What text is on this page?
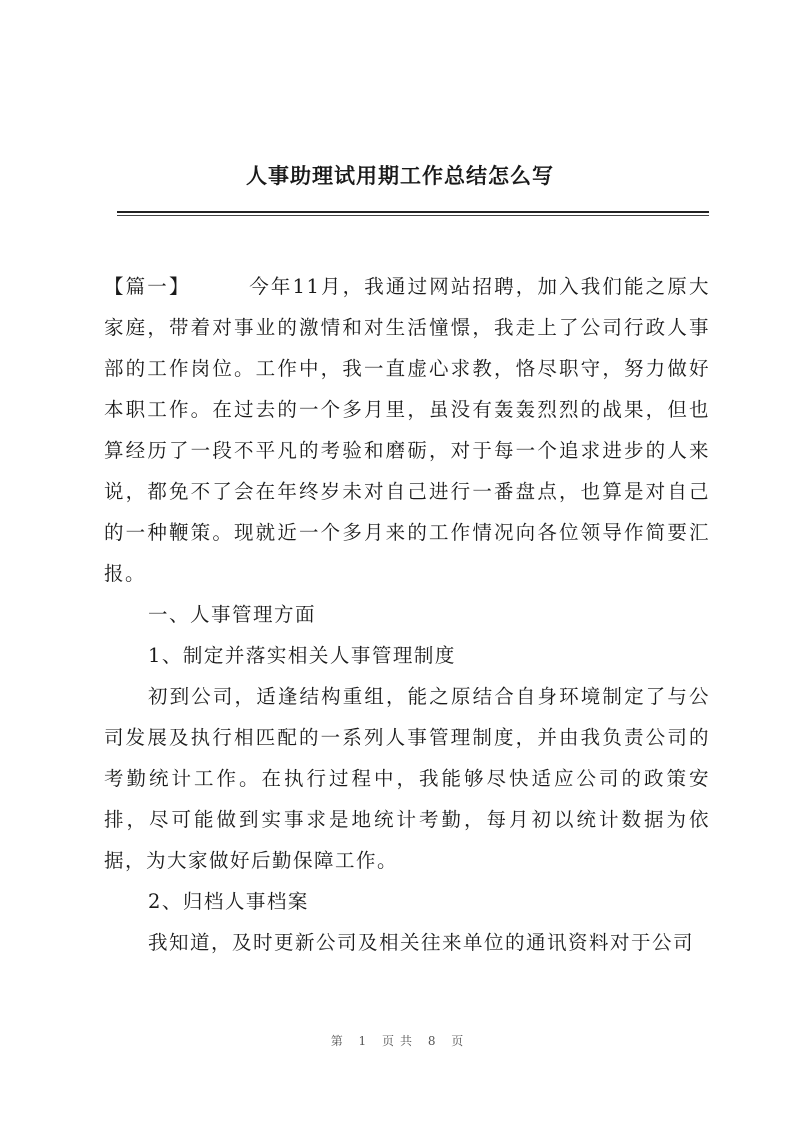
人事助理试用期工作总结怎么写

【篇一】	今年11月，我通过网站招聘，加入我们能之原大家庭，带着对事业的激情和对生活憧憬，我走上了公司行政人事部的工作岗位。工作中，我一直虚心求教，恪尽职守，努力做好本职工作。在过去的一个多月里，虽没有轰轰烈烈的战果，但也算经历了一段不平凡的考验和磨砺，对于每一个追求进步的人来说，都免不了会在年终岁未对自己进行一番盘点，也算是对自己的一种鞭策。现就近一个多月来的工作情况向各位领导作简要汇报。

一、人事管理方面

1、制定并落实相关人事管理制度

初到公司，适逢结构重组，能之原结合自身环境制定了与公司发展及执行相匹配的一系列人事管理制度，并由我负责公司的考勤统计工作。在执行过程中，我能够尽快适应公司的政策安排，尽可能做到实事求是地统计考勤，每月初以统计数据为依据，为大家做好后勤保障工作。

2、归档人事档案

我知道，及时更新公司及相关往来单位的通讯资料对于公司

第 1 页共 8 页
